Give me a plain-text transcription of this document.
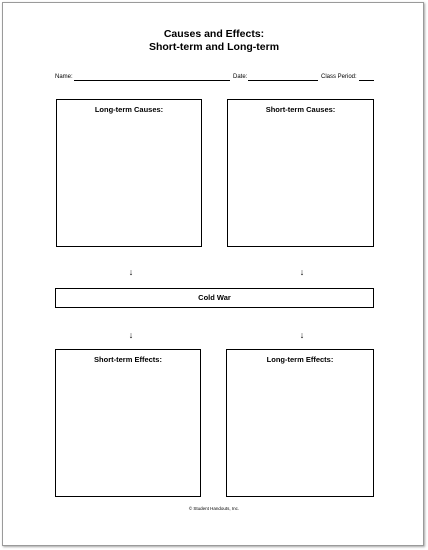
Causes and Effects:
Short-term and Long-term
Name:	Date:	Class Period:
Long-term Causes:	Short-term Causes:
↓	↓
Cold War
↓	↓
Short-term Effects:	Long-term Effects:
© Student Handouts, Inc.
